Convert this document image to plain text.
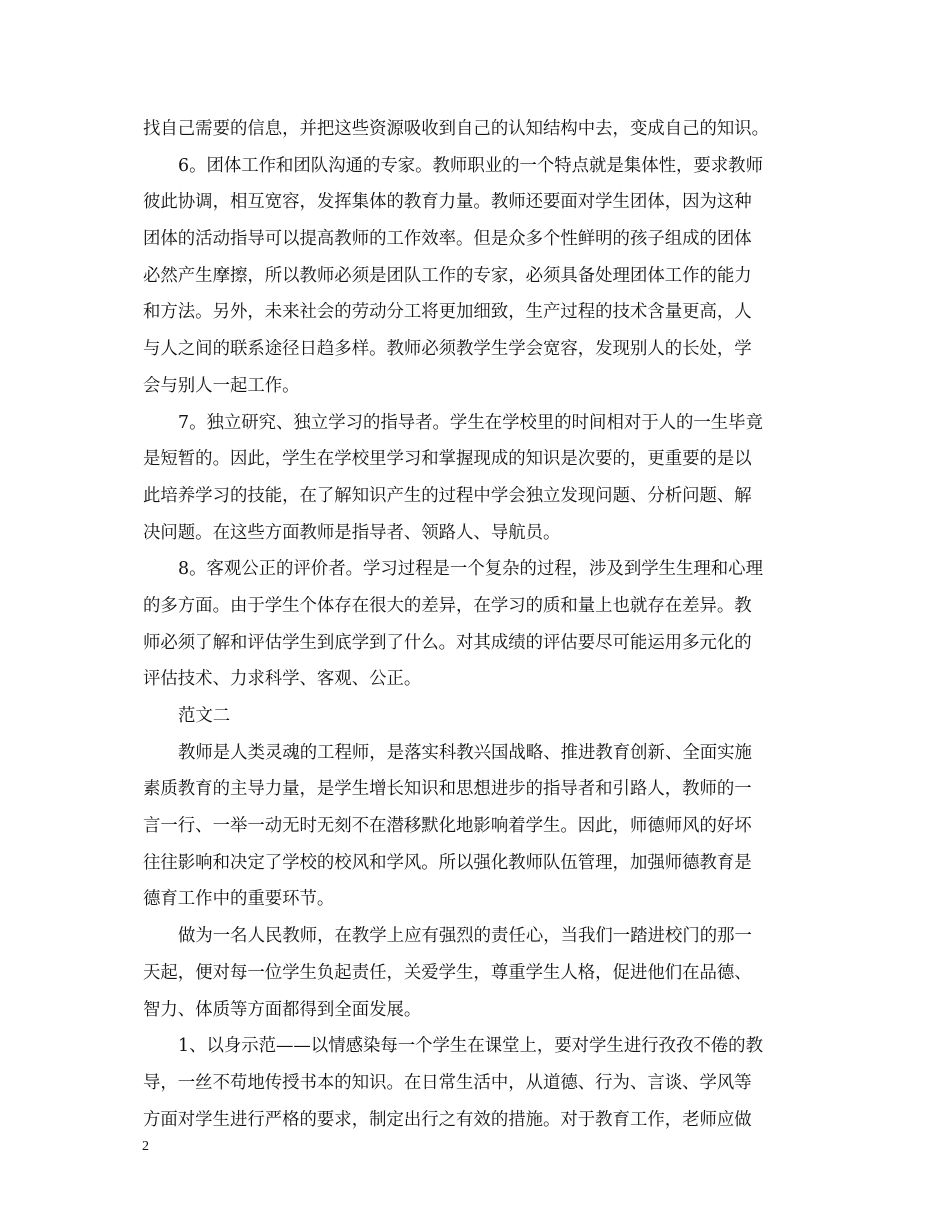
找自己需要的信息，并把这些资源吸收到自己的认知结构中去，变成自己的知识。
6。团体工作和团队沟通的专家。教师职业的一个特点就是集体性，要求教师
彼此协调，相互宽容，发挥集体的教育力量。教师还要面对学生团体，因为这种
团体的活动指导可以提高教师的工作效率。但是众多个性鲜明的孩子组成的团体
必然产生摩擦，所以教师必须是团队工作的专家，必须具备处理团体工作的能力
和方法。另外，未来社会的劳动分工将更加细致，生产过程的技术含量更高，人
与人之间的联系途径日趋多样。教师必须教学生学会宽容，发现别人的长处，学
会与别人一起工作。
7。独立研究、独立学习的指导者。学生在学校里的时间相对于人的一生毕竟
是短暂的。因此，学生在学校里学习和掌握现成的知识是次要的，更重要的是以
此培养学习的技能，在了解知识产生的过程中学会独立发现问题、分析问题、解
决问题。在这些方面教师是指导者、领路人、导航员。
8。客观公正的评价者。学习过程是一个复杂的过程，涉及到学生生理和心理
的多方面。由于学生个体存在很大的差异，在学习的质和量上也就存在差异。教
师必须了解和评估学生到底学到了什么。对其成绩的评估要尽可能运用多元化的
评估技术、力求科学、客观、公正。
范文二
教师是人类灵魂的工程师，是落实科教兴国战略、推进教育创新、全面实施
素质教育的主导力量，是学生增长知识和思想进步的指导者和引路人，教师的一
言一行、一举一动无时无刻不在潜移默化地影响着学生。因此，师德师风的好坏
往往影响和决定了学校的校风和学风。所以强化教师队伍管理，加强师德教育是
德育工作中的重要环节。
做为一名人民教师，在教学上应有强烈的责任心，当我们一踏进校门的那一
天起，便对每一位学生负起责任，关爱学生，尊重学生人格，促进他们在品德、
智力、体质等方面都得到全面发展。
1、以身示范——以情感染每一个学生在课堂上，要对学生进行孜孜不倦的教
导，一丝不苟地传授书本的知识。在日常生活中，从道德、行为、言谈、学风等
方面对学生进行严格的要求，制定出行之有效的措施。对于教育工作，老师应做
2
